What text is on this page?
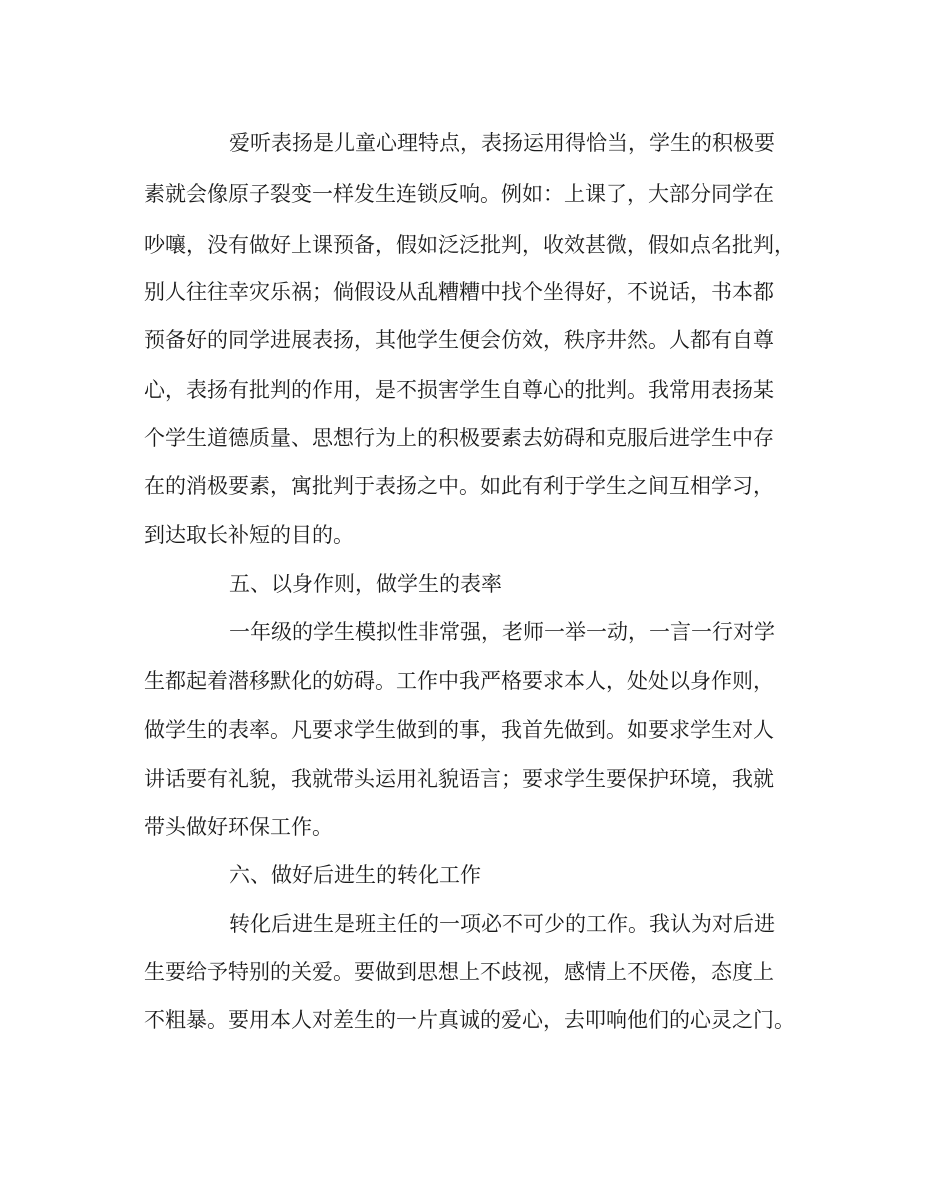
爱听表扬是儿童心理特点，表扬运用得恰当，学生的积极要

素就会像原子裂变一样发生连锁反响。例如：上课了，大部分同学在

吵嚷，没有做好上课预备，假如泛泛批判，收效甚微，假如点名批判，

别人往往幸灾乐祸；倘假设从乱糟糟中找个坐得好，不说话，书本都

预备好的同学进展表扬，其他学生便会仿效，秩序井然。人都有自尊

心，表扬有批判的作用，是不损害学生自尊心的批判。我常用表扬某

个学生道德质量、思想行为上的积极要素去妨碍和克服后进学生中存

在的消极要素，寓批判于表扬之中。如此有利于学生之间互相学习，

到达取长补短的目的。

五、以身作则，做学生的表率

一年级的学生模拟性非常强，老师一举一动，一言一行对学

生都起着潜移默化的妨碍。工作中我严格要求本人，处处以身作则，

做学生的表率。凡要求学生做到的事，我首先做到。如要求学生对人

讲话要有礼貌，我就带头运用礼貌语言；要求学生要保护环境，我就

带头做好环保工作。

六、做好后进生的转化工作

转化后进生是班主任的一项必不可少的工作。我认为对后进

生要给予特别的关爱。要做到思想上不歧视，感情上不厌倦，态度上

不粗暴。要用本人对差生的一片真诚的爱心，去叩响他们的心灵之门。
